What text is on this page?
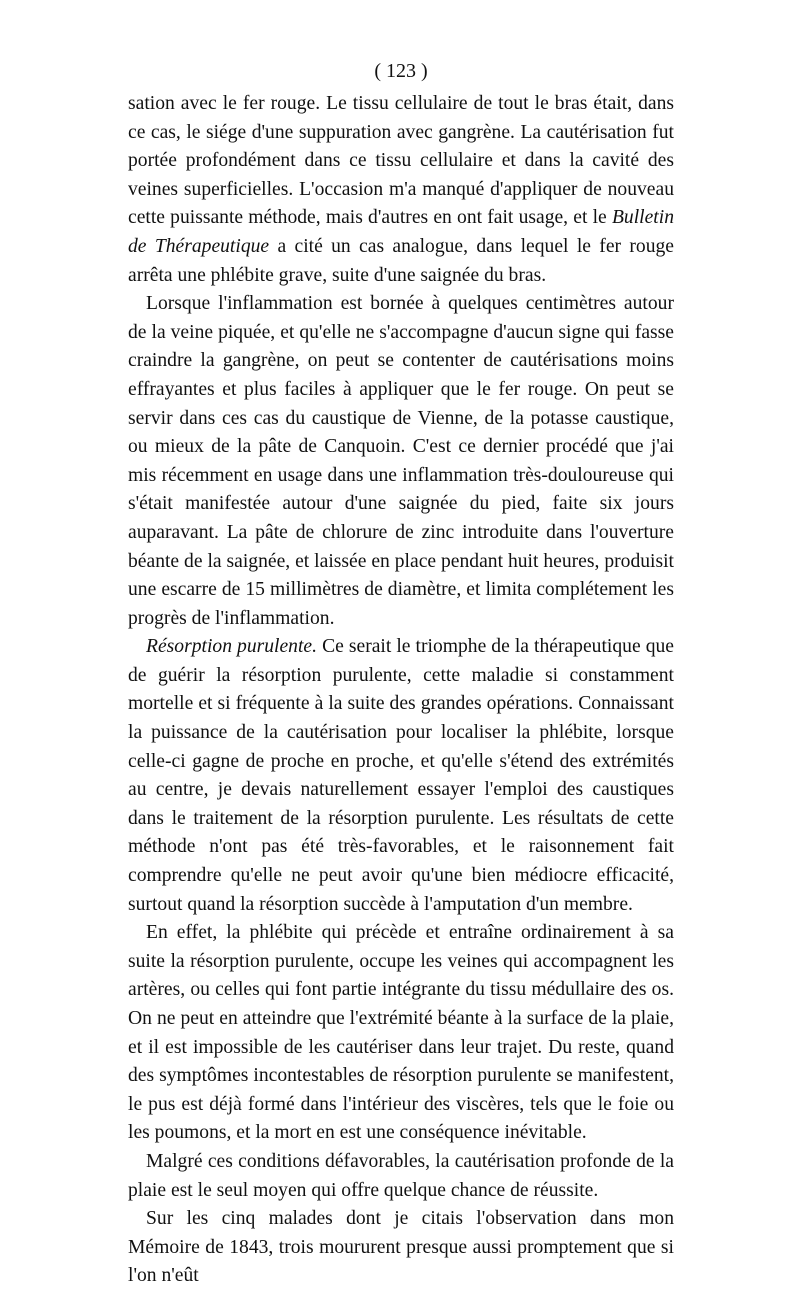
( 123 )

sation avec le fer rouge. Le tissu cellulaire de tout le bras était, dans ce cas, le siége d'une suppuration avec gangrène. La cautérisation fut portée profondément dans ce tissu cellulaire et dans la cavité des veines superficielles. L'occasion m'a manqué d'appliquer de nouveau cette puissante méthode, mais d'autres en ont fait usage, et le Bulletin de Thérapeutique a cité un cas analogue, dans lequel le fer rouge arrêta une phlébite grave, suite d'une saignée du bras.

Lorsque l'inflammation est bornée à quelques centimètres autour de la veine piquée, et qu'elle ne s'accompagne d'aucun signe qui fasse craindre la gangrène, on peut se contenter de cautérisations moins effrayantes et plus faciles à appliquer que le fer rouge. On peut se servir dans ces cas du caustique de Vienne, de la potasse caustique, ou mieux de la pâte de Canquoin. C'est ce dernier procédé que j'ai mis récemment en usage dans une inflammation très-douloureuse qui s'était manifestée autour d'une saignée du pied, faite six jours auparavant. La pâte de chlorure de zinc introduite dans l'ouverture béante de la saignée, et laissée en place pendant huit heures, produisit une escarre de 15 millimètres de diamètre, et limita complétement les progrès de l'inflammation.

Résorption purulente. Ce serait le triomphe de la thérapeutique que de guérir la résorption purulente, cette maladie si constamment mortelle et si fréquente à la suite des grandes opérations. Connaissant la puissance de la cautérisation pour localiser la phlébite, lorsque celle-ci gagne de proche en proche, et qu'elle s'étend des extrémités au centre, je devais naturellement essayer l'emploi des caustiques dans le traitement de la résorption purulente. Les résultats de cette méthode n'ont pas été très-favorables, et le raisonnement fait comprendre qu'elle ne peut avoir qu'une bien médiocre efficacité, surtout quand la résorption succède à l'amputation d'un membre.

En effet, la phlébite qui précède et entraîne ordinairement à sa suite la résorption purulente, occupe les veines qui accompagnent les artères, ou celles qui font partie intégrante du tissu médullaire des os. On ne peut en atteindre que l'extrémité béante à la surface de la plaie, et il est impossible de les cautériser dans leur trajet. Du reste, quand des symptômes incontestables de résorption purulente se manifestent, le pus est déjà formé dans l'intérieur des viscères, tels que le foie ou les poumons, et la mort en est une conséquence inévitable.

Malgré ces conditions défavorables, la cautérisation profonde de la plaie est le seul moyen qui offre quelque chance de réussite.

Sur les cinq malades dont je citais l'observation dans mon Mémoire de 1843, trois moururent presque aussi promptement que si l'on n'eût
